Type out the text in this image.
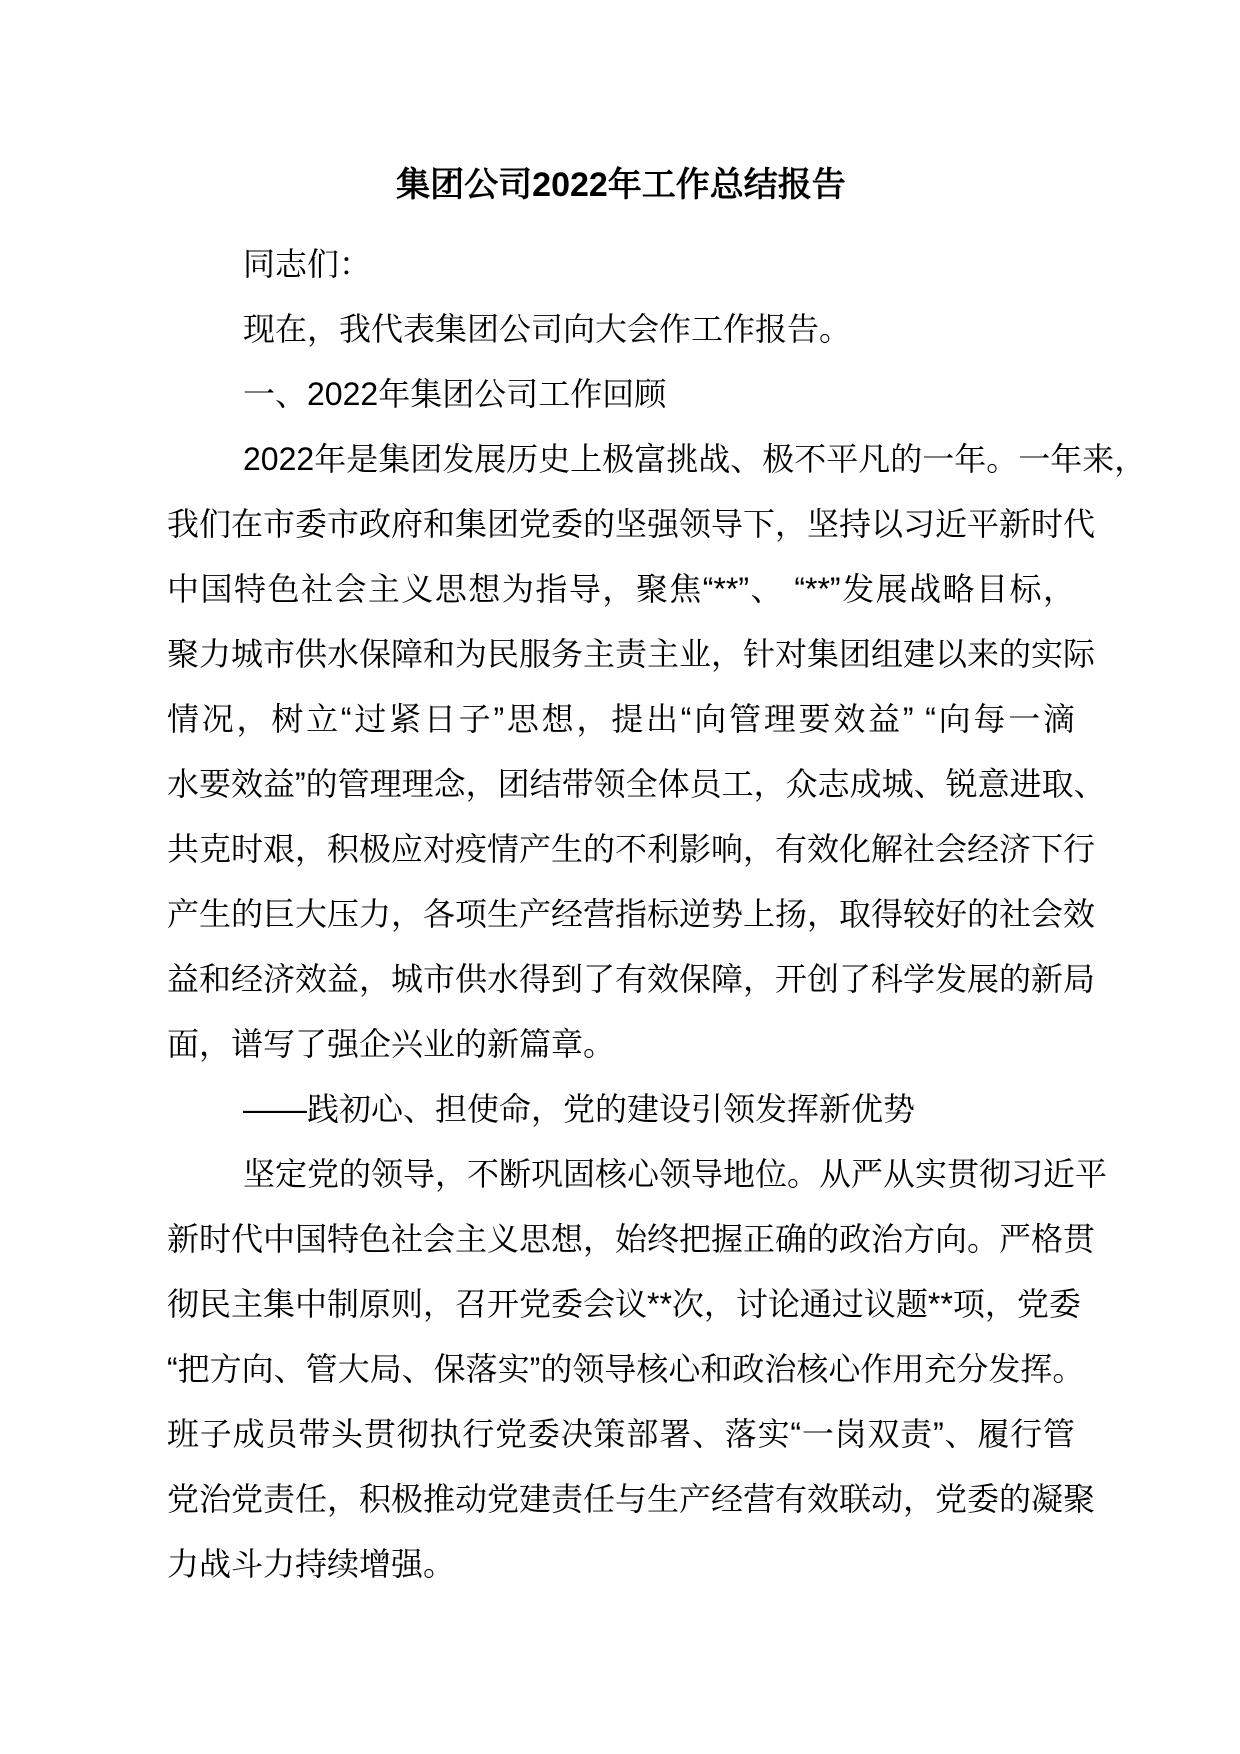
集团公司2022年工作总结报告
同志们：
现在，我代表集团公司向大会作工作报告。
一、2022年集团公司工作回顾
2022年是集团发展历史上极富挑战、极不平凡的一年。一年来，
我们在市委市政府和集团党委的坚强领导下，坚持以习近平新时代
中国特色社会主义思想为指导，聚焦“**”、 “**”发展战略目标，
聚力城市供水保障和为民服务主责主业，针对集团组建以来的实际
情况，树立“过紧日子”思想，提出“向管理要效益” “向每一滴
水要效益”的管理理念，团结带领全体员工，众志成城、锐意进取、
共克时艰，积极应对疫情产生的不利影响，有效化解社会经济下行
产生的巨大压力，各项生产经营指标逆势上扬，取得较好的社会效
益和经济效益，城市供水得到了有效保障，开创了科学发展的新局
面，谱写了强企兴业的新篇章。
——践初心、担使命，党的建设引领发挥新优势
坚定党的领导，不断巩固核心领导地位。从严从实贯彻习近平
新时代中国特色社会主义思想，始终把握正确的政治方向。严格贯
彻民主集中制原则，召开党委会议**次，讨论通过议题**项，党委
“把方向、管大局、保落实”的领导核心和政治核心作用充分发挥。
班子成员带头贯彻执行党委决策部署、落实“一岗双责”、履行管
党治党责任，积极推动党建责任与生产经营有效联动，党委的凝聚
力战斗力持续增强。
